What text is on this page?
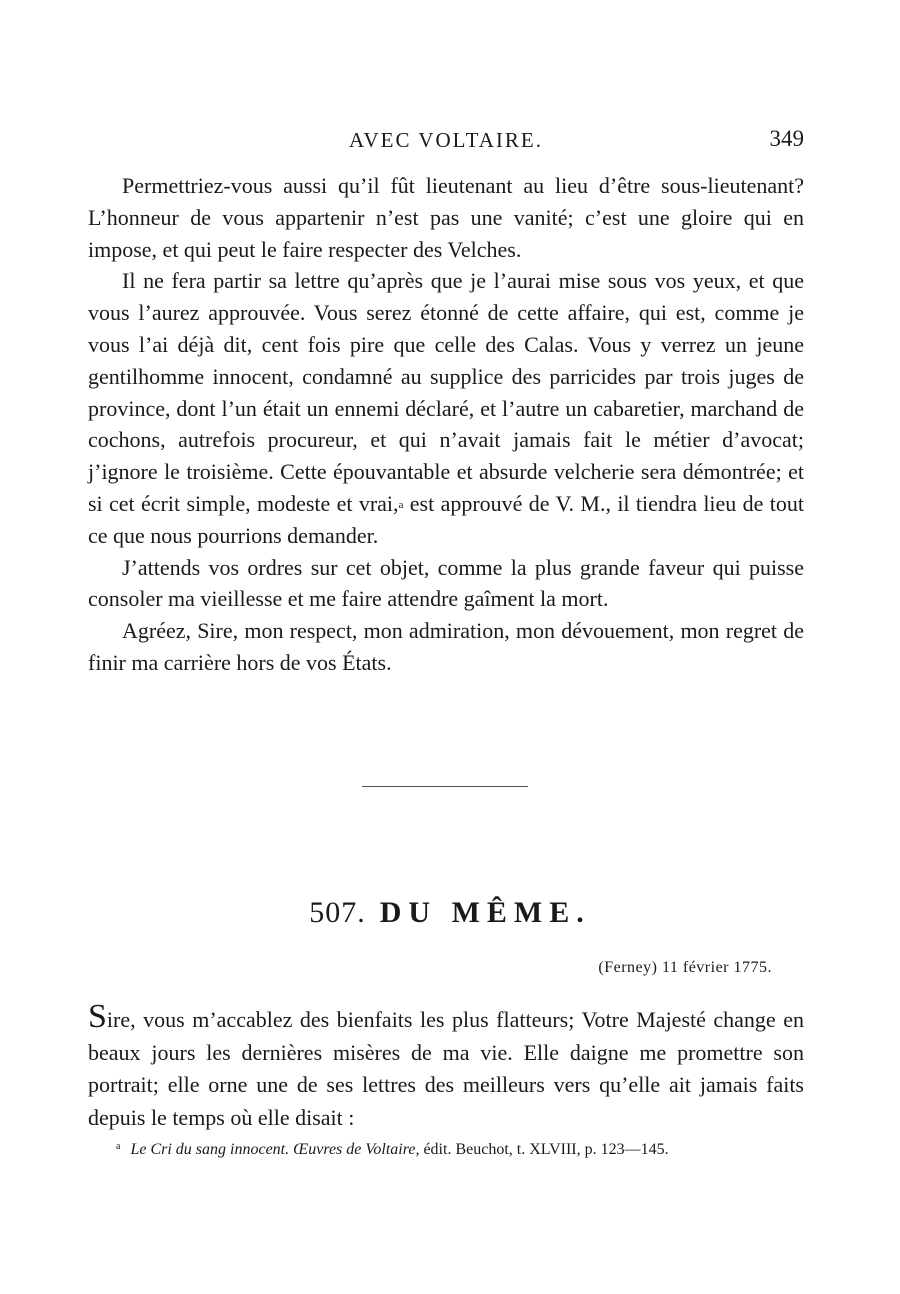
AVEC VOLTAIRE.	349

Permettriez-vous aussi qu’il fût lieutenant au lieu d’être sous-lieutenant? L’honneur de vous appartenir n’est pas une vanité; c’est une gloire qui en impose, et qui peut le faire respecter des Velches.

Il ne fera partir sa lettre qu’après que je l’aurai mise sous vos yeux, et que vous l’aurez approuvée. Vous serez étonné de cette affaire, qui est, comme je vous l’ai déjà dit, cent fois pire que celle des Calas. Vous y verrez un jeune gentilhomme innocent, condamné au supplice des parricides par trois juges de province, dont l’un était un ennemi déclaré, et l’autre un cabaretier, marchand de cochons, autrefois procureur, et qui n’avait jamais fait le métier d’avocat; j’ignore le troisième. Cette épouvantable et absurde velcherie sera démontrée; et si cet écrit simple, modeste et vrai,$^a$ est approuvé de V. M., il tiendra lieu de tout ce que nous pourrions demander.

J’attends vos ordres sur cet objet, comme la plus grande faveur qui puisse consoler ma vieillesse et me faire attendre gaîment la mort.

Agréez, Sire, mon respect, mon admiration, mon dévouement, mon regret de finir ma carrière hors de vos États.

507. DU MÊME.
(Ferney) 11 février 1775.

Sire, vous m’accablez des bienfaits les plus flatteurs; Votre Majesté change en beaux jours les dernières misères de ma vie. Elle daigne me promettre son portrait; elle orne une de ses lettres des meilleurs vers qu’elle ait jamais faits depuis le temps où elle disait :

$^a$ Le Cri du sang innocent. Œuvres de Voltaire, édit. Beuchot, t. XLVIII, p. 123—145.
